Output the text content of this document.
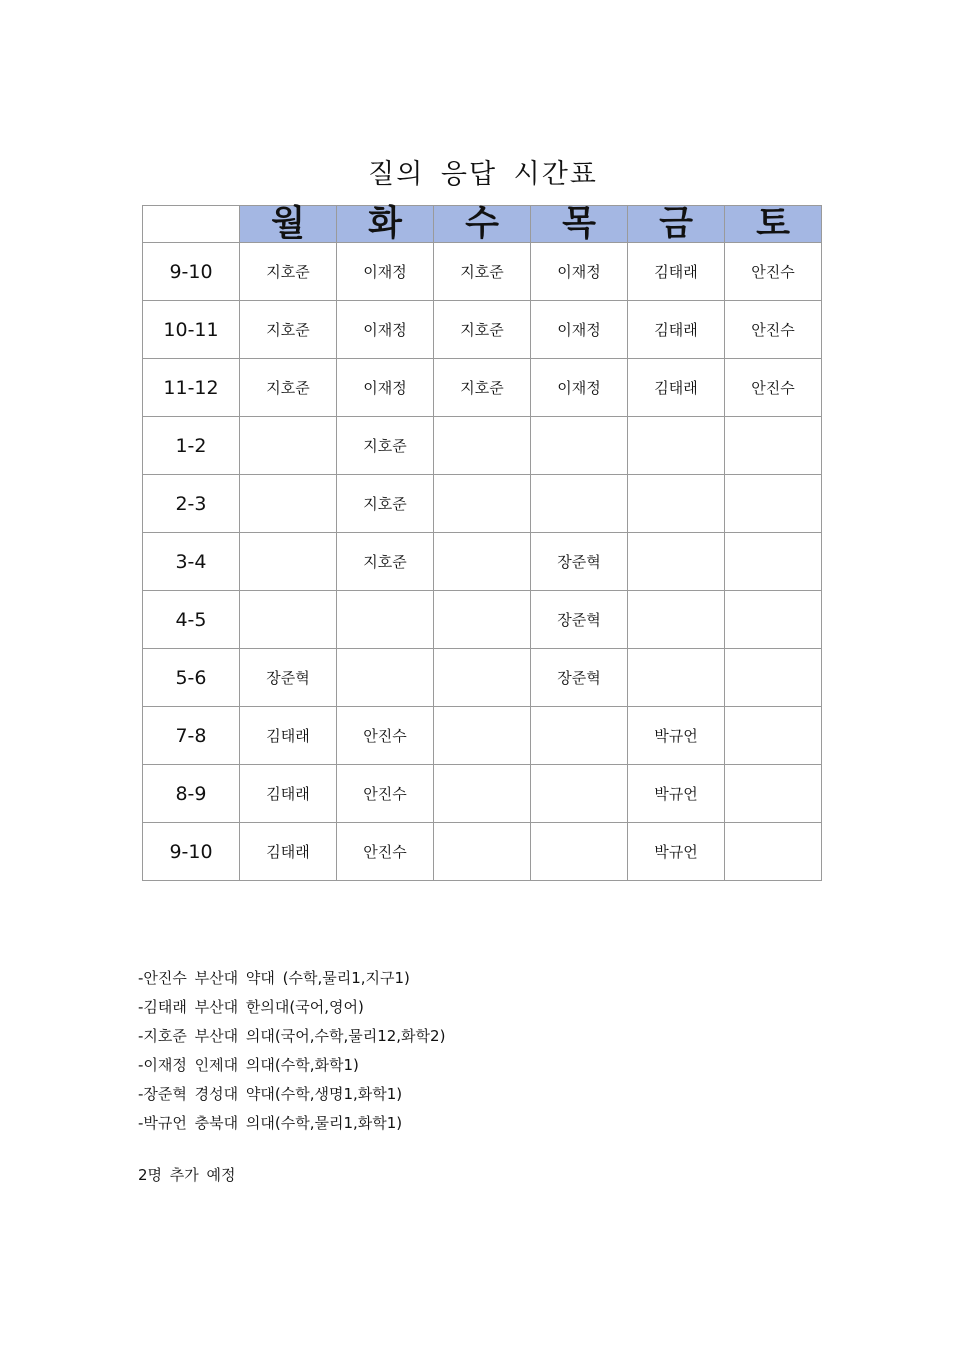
질의 응답 시간표
	월	화	수	목	금	토
9-10	지호준	이재정	지호준	이재정	김태래	안진수
10-11	지호준	이재정	지호준	이재정	김태래	안진수
11-12	지호준	이재정	지호준	이재정	김태래	안진수
1-2		지호준				
2-3		지호준				
3-4		지호준		장준혁		
4-5				장준혁		
5-6	장준혁			장준혁		
7-8	김태래	안진수			박규언	
8-9	김태래	안진수			박규언	
9-10	김태래	안진수			박규언	
-안진수 부산대 약대 (수학,물리1,지구1)
-김태래 부산대 한의대(국어,영어)
-지호준 부산대 의대(국어,수학,물리12,화학2)
-이재정 인제대 의대(수학,화학1)
-장준혁 경성대 약대(수학,생명1,화학1)
-박규언 충북대 의대(수학,물리1,화학1)
2명 추가 예정
